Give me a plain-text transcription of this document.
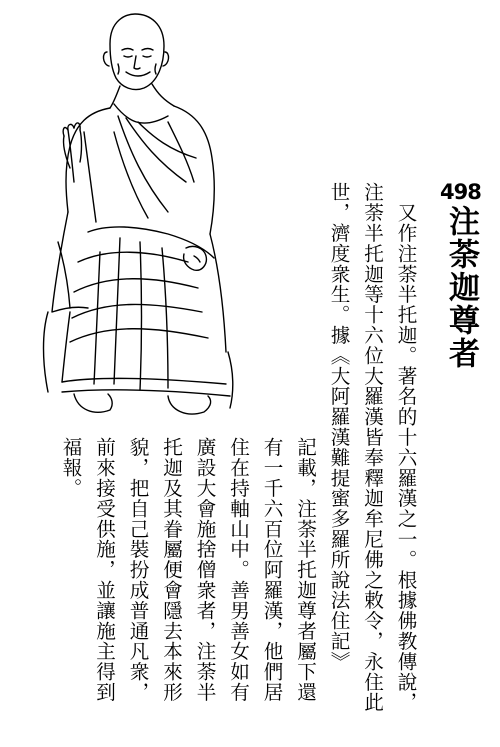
498
注荼迦尊者

　又作注荼半托迦。著名的十六羅漢之一。根據佛教傳說，注荼半托迦等十六位大羅漢皆奉釋迦牟尼佛之敕令，永住此世，濟度衆生。據《大阿羅漢難提蜜多羅所說法住記》

記載，注荼半托迦尊者屬下還有一千六百位阿羅漢，他們居住在持軸山中。善男善女如有廣設大會施捨僧衆者，注荼半托迦及其眷屬便會隱去本來形貌，把自己裝扮成普通凡衆，前來接受供施，並讓施主得到福報。
